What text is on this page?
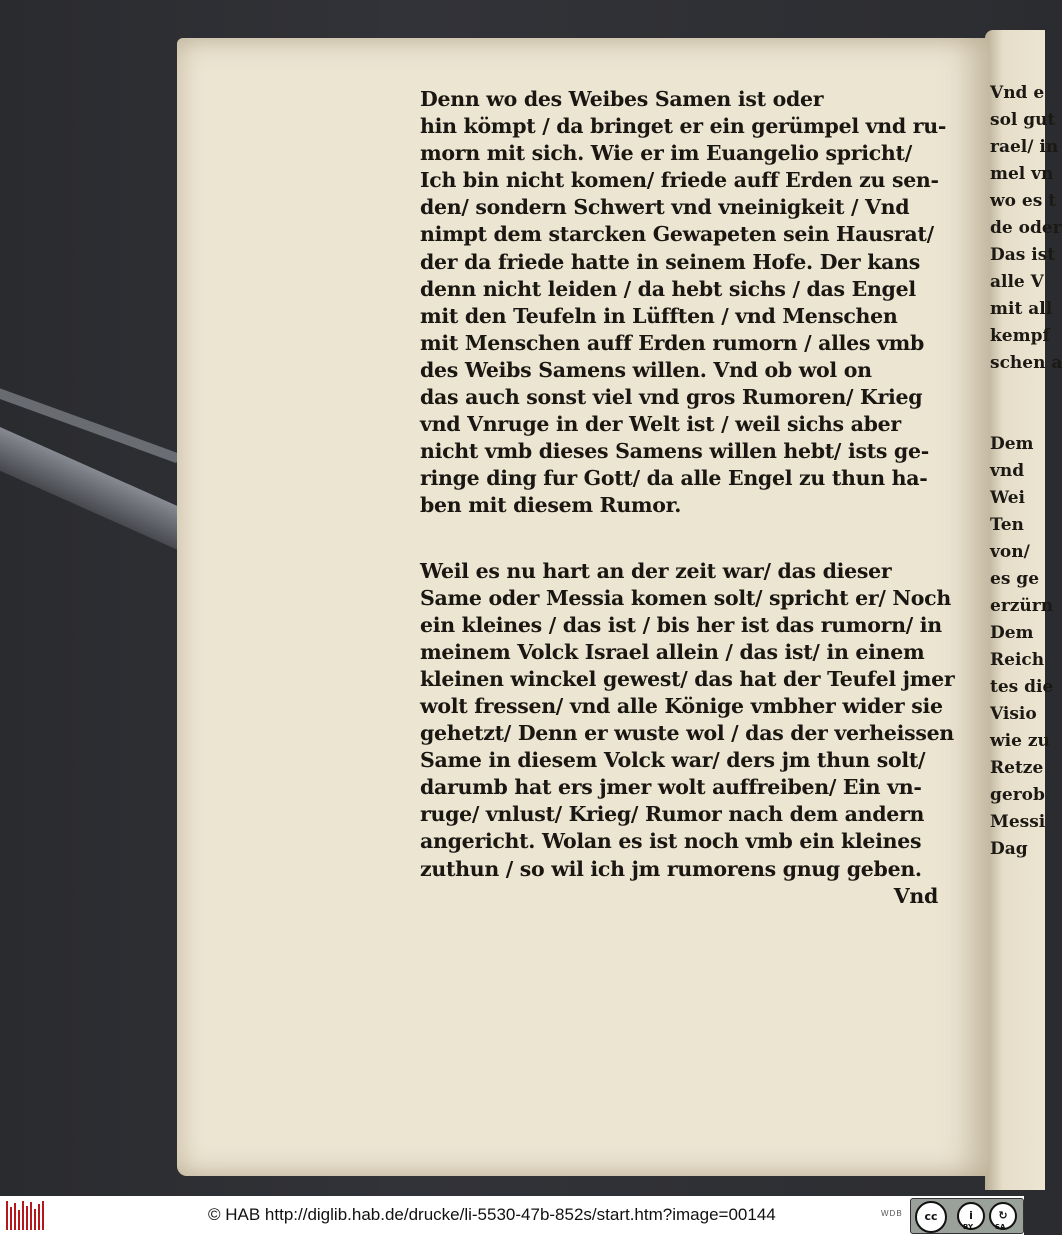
Vnd e
sol gut
rael/ in
mel vn
wo es t
de oder
Das ist
alle V
mit all
kempf
schen a
Dem
vnd
Wei
Ten
von/
es ge
erzürn
Dem
Reich
tes die
Visio
wie zu
Retze
gerob
Messi
Dag
Denn wo des Weibes Samen ist oder
hin kömpt / da bringet er ein gerümpel vnd ru-
morn mit sich. Wie er im Euangelio spricht/
Ich bin nicht komen/ friede auff Erden zu sen-
den/ sondern Schwert vnd vneinigkeit / Vnd
nimpt dem starcken Gewapeten sein Hausrat/
der da friede hatte in seinem Hofe. Der kans
denn nicht leiden / da hebt sichs / das Engel
mit den Teufeln in Lüfften / vnd Menschen
mit Menschen auff Erden rumorn / alles vmb
des Weibs Samens willen. Vnd ob wol on
das auch sonst viel vnd gros Rumoren/ Krieg
vnd Vnruge in der Welt ist / weil sichs aber
nicht vmb dieses Samens willen hebt/ ists ge-
ringe ding fur Gott/ da alle Engel zu thun ha-
ben mit diesem Rumor.
Weil es nu hart an der zeit war/ das dieser
Same oder Messia komen solt/ spricht er/ Noch
ein kleines / das ist / bis her ist das rumorn/ in
meinem Volck Israel allein / das ist/ in einem
kleinen winckel gewest/ das hat der Teufel jmer
wolt fressen/ vnd alle Könige vmbher wider sie
gehetzt/ Denn er wuste wol / das der verheissen
Same in diesem Volck war/ ders jm thun solt/
darumb hat ers jmer wolt auffreiben/ Ein vn-
ruge/ vnlust/ Krieg/ Rumor nach dem andern
angericht. Wolan es ist noch vmb ein kleines
zuthun / so wil ich jm rumorens gnug geben.
Vnd
© HAB http://diglib.hab.de/drucke/li-5530-47b-852s/start.htm?image=00144	WDB	cc	i	↻
BY	SA
